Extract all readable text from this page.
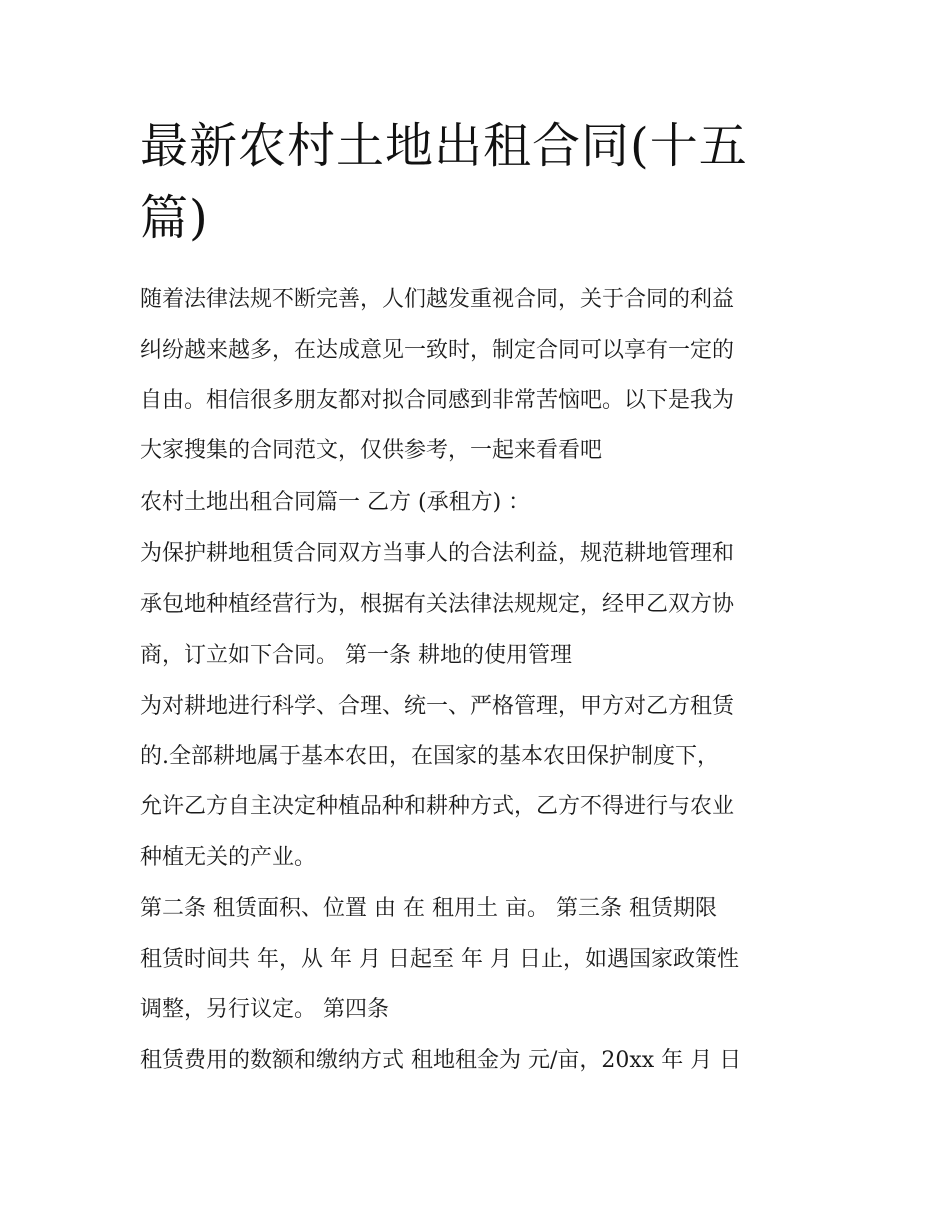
最新农村土地出租合同(十五
篇)

随着法律法规不断完善，人们越发重视合同，关于合同的利益

纠纷越来越多，在达成意见一致时，制定合同可以享有一定的

自由。相信很多朋友都对拟合同感到非常苦恼吧。以下是我为

大家搜集的合同范文，仅供参考，一起来看看吧

农村土地出租合同篇一 乙方 (承租方) ：

为保护耕地租赁合同双方当事人的合法利益，规范耕地管理和

承包地种植经营行为，根据有关法律法规规定，经甲乙双方协

商，订立如下合同。 第一条 耕地的使用管理

为对耕地进行科学、合理、统一、严格管理，甲方对乙方租赁

的.全部耕地属于基本农田，在国家的基本农田保护制度下，

允许乙方自主决定种植品种和耕种方式，乙方不得进行与农业

种植无关的产业。

第二条 租赁面积、位置 由 在 租用土 亩。 第三条 租赁期限

租赁时间共 年，从 年 月 日起至 年 月 日止，如遇国家政策性

调整，另行议定。 第四条

租赁费用的数额和缴纳方式 租地租金为 元/亩，20xx 年 月 日
